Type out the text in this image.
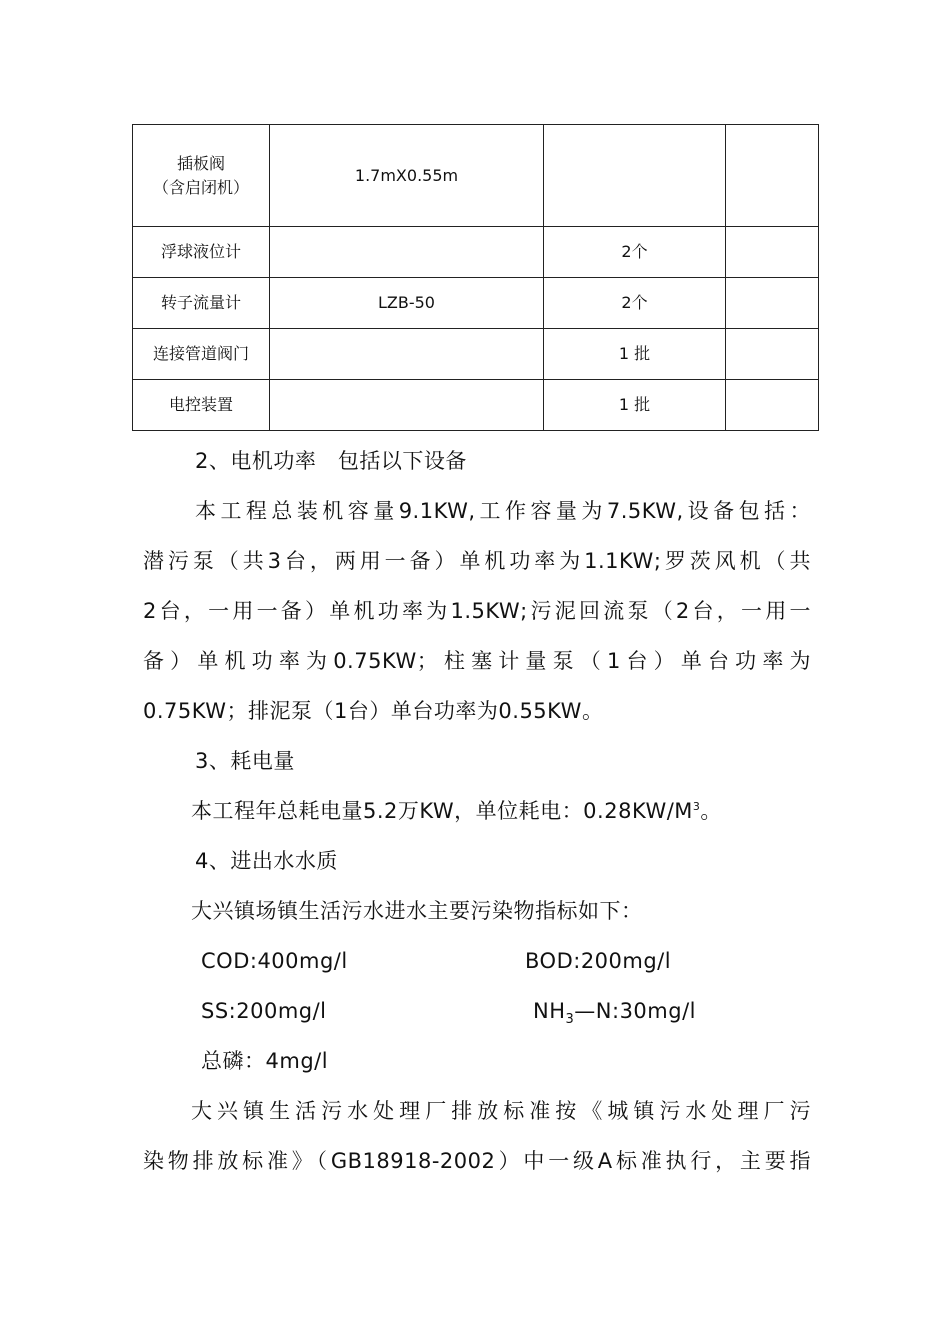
插板阀
（含启闭机）	1.7mX0.55m		
浮球液位计		2个	
转子流量计	LZB-50	2个	
连接管道阀门		1 批	
电控装置		1 批	

2、电机功率　包括以下设备

本工程总装机容量9.1KW,工作容量为7.5KW,设备包括：

潜污泵（共3台，两用一备）单机功率为1.1KW;罗茨风机（共

2台，一用一备）单机功率为1.5KW;污泥回流泵（2台，一用一

备）单机功率为0.75KW；柱塞计量泵（1台）单台功率为

0.75KW；排泥泵（1台）单台功率为0.55KW。

3、耗电量

本工程年总耗电量5.2万KW，单位耗电：$0.28KW/M^3$。

4、进出水水质

大兴镇场镇生活污水进水主要污染物指标如下：

COD:400mg/l	BOD:200mg/l
SS:200mg/l	$NH_3—N:30mg/l$
总磷：4mg/l

大兴镇生活污水处理厂排放标准按《城镇污水处理厂污

染物排放标准》（GB18918-2002）中一级A标准执行，主要指
